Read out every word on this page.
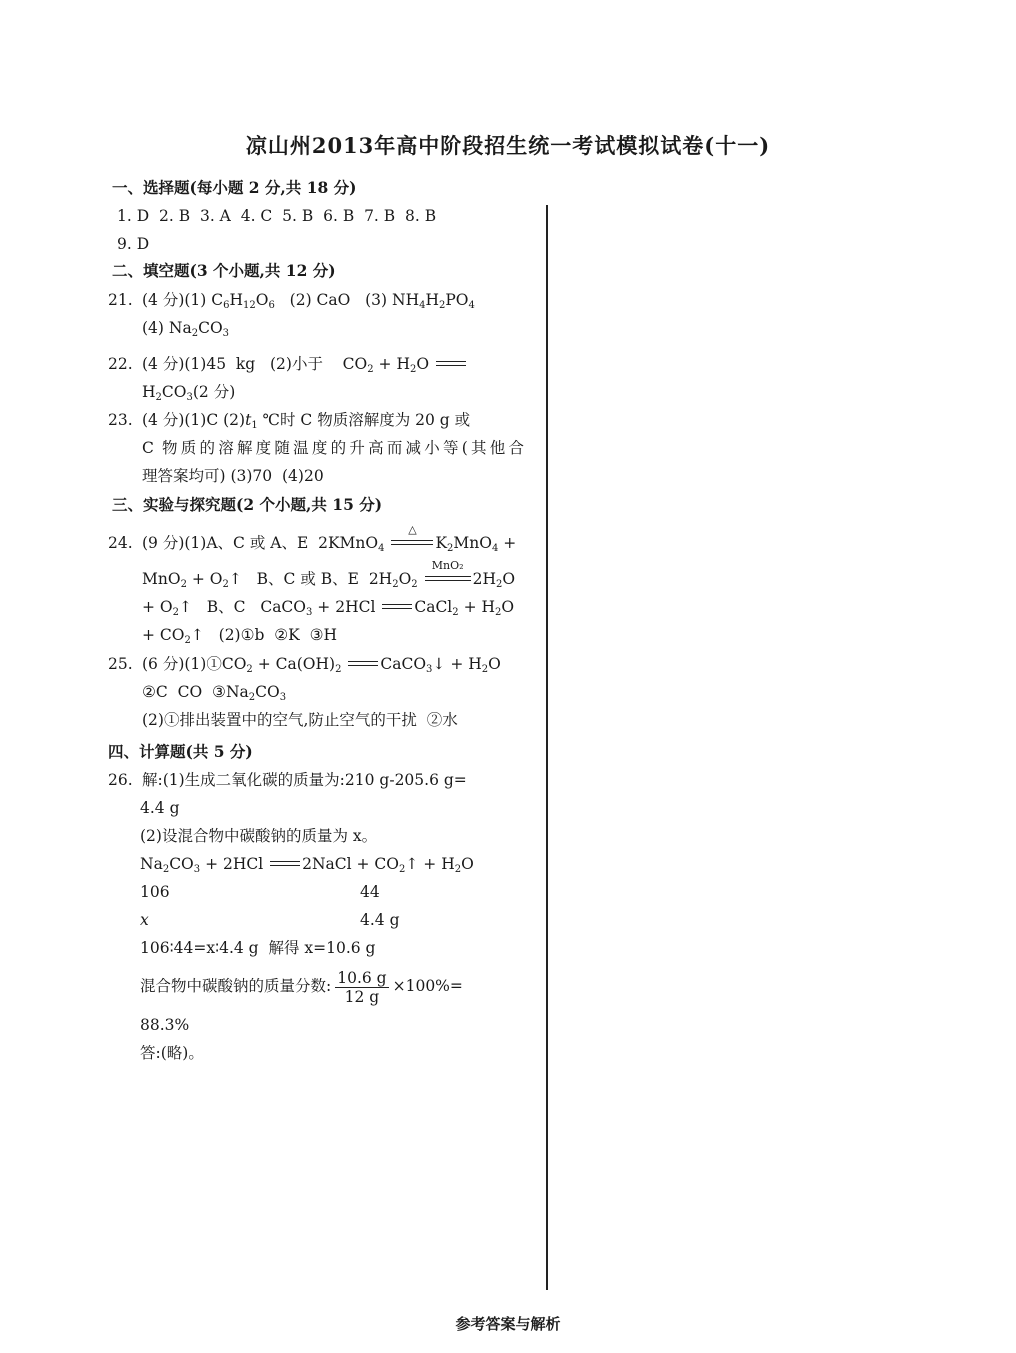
凉山州2013年高中阶段招生统一考试模拟试卷(十一)
一、选择题(每小题 2 分,共 18 分)
1. D  2. B  3. A  4. C  5. B  6. B  7. B  8. B
9. D
二、填空题(3 个小题,共 12 分)
21. (4 分)(1) $C_6H_{12}O_6$   (2) CaO   (3) $NH_4H_2PO_4$
(4) $Na_2CO_3$
22. (4 分)(1)45  kg   (2)小于    $CO_2 + H_2O$
$H_2CO_3(2$ 分)
23. (4 分)(1)C $(2)t_1$ ℃时 C 物质溶解度为 20 g 或
C 物质的溶解度随温度的升高而减小等(其他合
理答案均可) (3)70  (4)20
三、实验与探究题(2 个小题,共 15 分)
24. (9 分)(1)A、C 或 A、E  2KMnO$_4$
△
$K_2MnO_4$ +
$MnO_2 + O_2$ ↑ B、C 或 B、E  $2H_2O_2$
MnO₂
$2H_2O$
+ $O_2$ ↑ B、C   CaCO$_3$ + 2HCl CaCl$_2$ + $H_2O$
+ $CO_2$ ↑ (2)①b  ②K  ③H
25. (6 分)$(1)①CO_2 + Ca(OH)_2$	CaCO$_3$↓ + $H_2O$
②C  CO  $③Na_2CO_3$
(2)①排出装置中的空气,防止空气的干扰  ②水
四、计算题(共 5 分)
26. 解:(1)生成二氧化碳的质量为:210 g-205.6 g=
4.4 g
(2)设混合物中碳酸钠的质量为 x。
$Na_2CO_3 + 2HCl$ 2NaCl + $CO_2$ ↑ + $H_2O$
106	44
x	4.4 g
106∶44=x∶4.4 g  解得 x=10.6 g
混合物中碳酸钠的质量分数: $\frac{10.6 g}{12 g} \times 100\%=$
88.3%
答:(略)。
参考答案与解析
